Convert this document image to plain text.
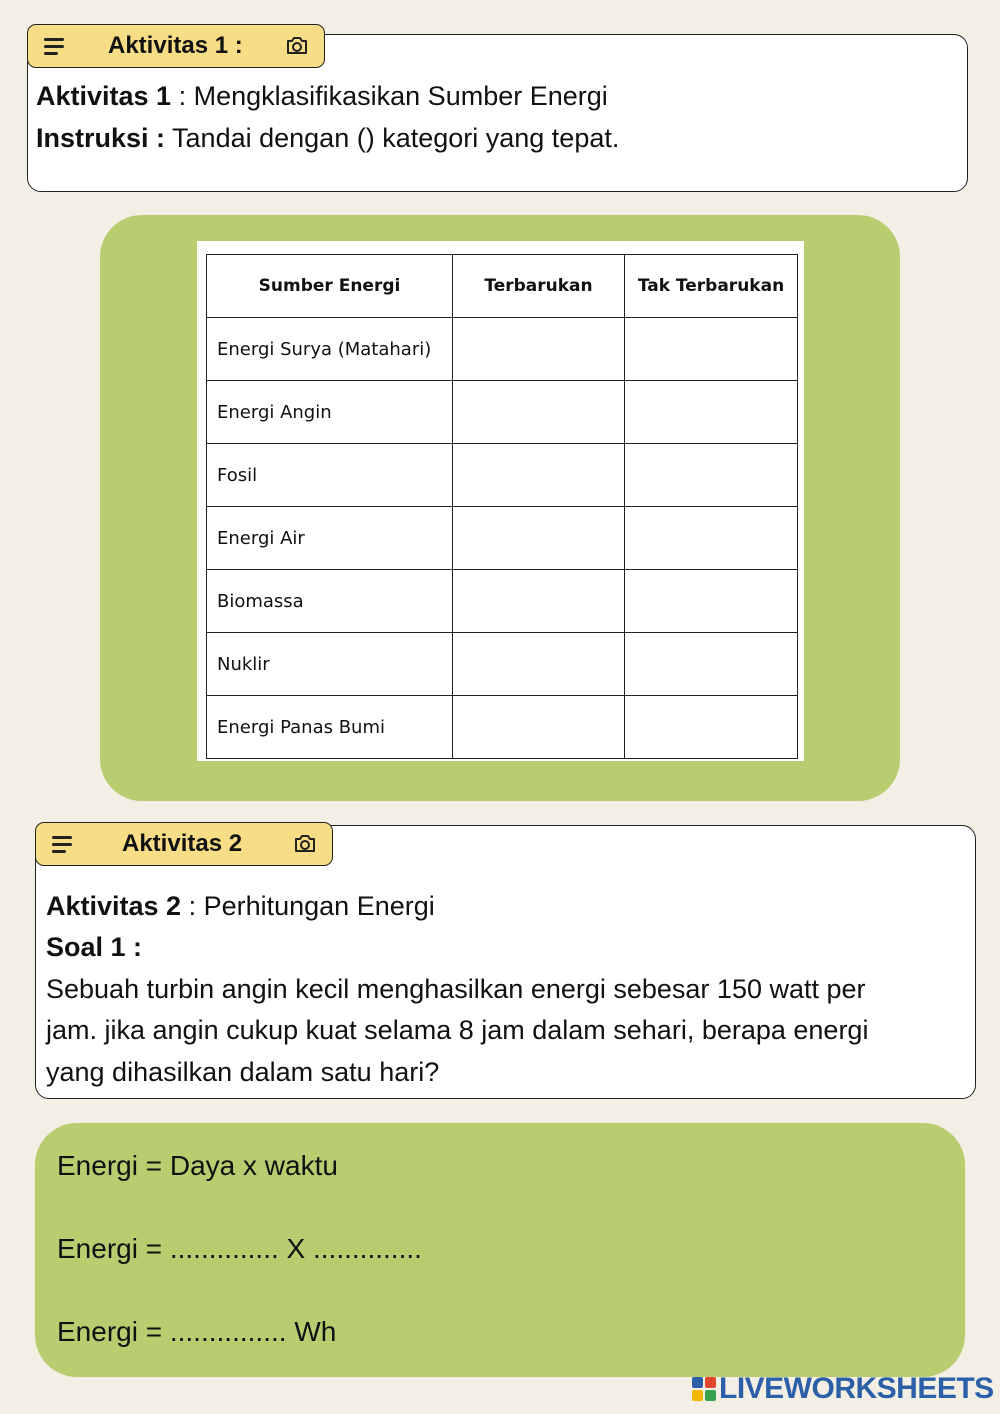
Aktivitas 1 : Mengklasifikasikan Sumber Energi
Instruksi : Tandai dengan () kategori yang tepat.
Aktivitas 1 :
Sumber Energi	Terbarukan	Tak Terbarukan
Energi Surya (Matahari)		
Energi Angin		
Fosil		
Energi Air		
Biomassa		
Nuklir		
Energi Panas Bumi		
Aktivitas 2 : Perhitungan Energi
Soal 1 :
Sebuah turbin angin kecil menghasilkan energi sebesar 150 watt per
jam. jika angin cukup kuat selama 8 jam dalam sehari, berapa energi
yang dihasilkan dalam satu hari?
Aktivitas 2
Energi = Daya x waktu
Energi = .............. X ..............
Energi = ............... Wh
LIVEWORKSHEETS
